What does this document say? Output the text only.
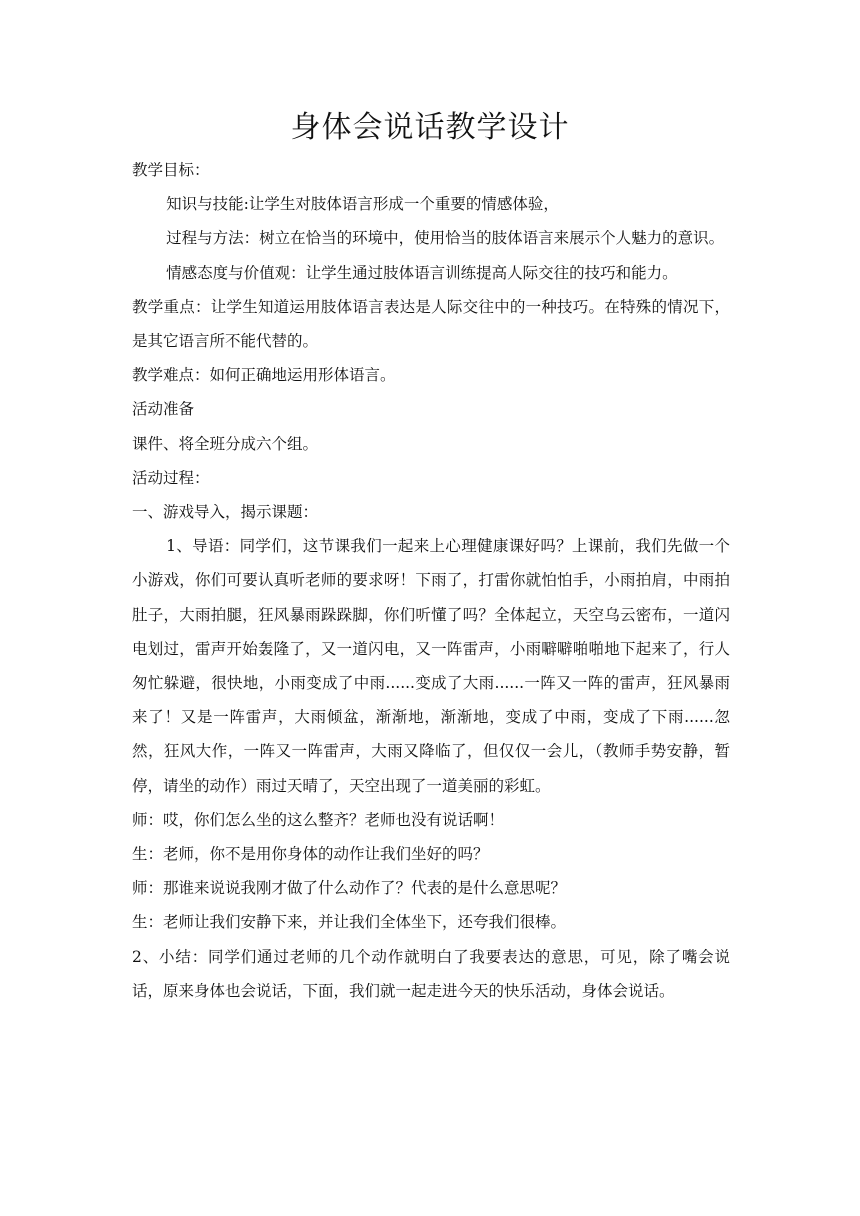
身体会说话教学设计

教学目标：

知识与技能:让学生对肢体语言形成一个重要的情感体验，

过程与方法：树立在恰当的环境中，使用恰当的肢体语言来展示个人魅力的意识。

情感态度与价值观：让学生通过肢体语言训练提高人际交往的技巧和能力。

教学重点：让学生知道运用肢体语言表达是人际交往中的一种技巧。在特殊的情况下，是其它语言所不能代替的。

教学难点：如何正确地运用形体语言。

活动准备

课件、将全班分成六个组。

活动过程：

一、游戏导入，揭示课题：

1、导语：同学们，这节课我们一起来上心理健康课好吗？上课前，我们先做一个小游戏，你们可要认真听老师的要求呀！下雨了，打雷你就怕怕手，小雨拍肩，中雨拍肚子，大雨拍腿，狂风暴雨跺跺脚，你们听懂了吗？全体起立，天空乌云密布，一道闪电划过，雷声开始轰隆了，又一道闪电，又一阵雷声，小雨噼噼啪啪地下起来了，行人匆忙躲避，很快地，小雨变成了中雨......变成了大雨......一阵又一阵的雷声，狂风暴雨来了！又是一阵雷声，大雨倾盆，渐渐地，渐渐地，变成了中雨，变成了下雨......忽然，狂风大作，一阵又一阵雷声，大雨又降临了，但仅仅一会儿，（教师手势安静，暂停，请坐的动作）雨过天晴了，天空出现了一道美丽的彩虹。

师：哎，你们怎么坐的这么整齐？老师也没有说话啊！

生：老师，你不是用你身体的动作让我们坐好的吗？

师：那谁来说说我刚才做了什么动作了？代表的是什么意思呢？

生：老师让我们安静下来，并让我们全体坐下，还夸我们很棒。

2、小结：同学们通过老师的几个动作就明白了我要表达的意思，可见，除了嘴会说话，原来身体也会说话，下面，我们就一起走进今天的快乐活动，身体会说话。
